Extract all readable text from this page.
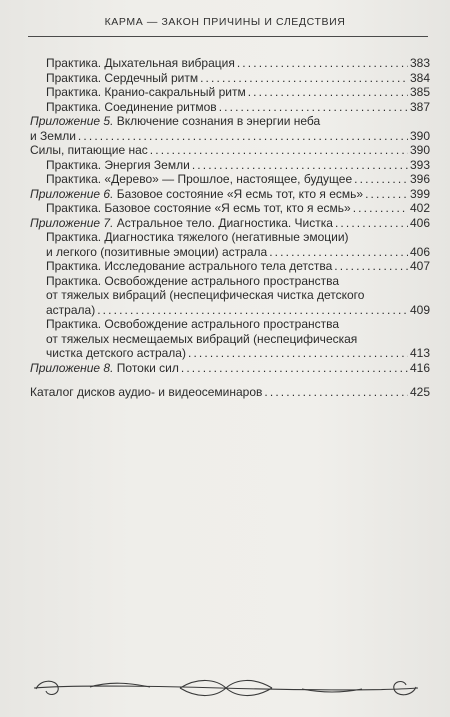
КАРМА — ЗАКОН ПРИЧИНЫ И СЛЕДСТВИЯ
Практика. Дыхательная вибрация . . .	383
Практика. Сердечный ритм . . .	384
Практика. Кранио-сакральный ритм . . .	385
Практика. Соединение ритмов . . .	387
Приложение 5. Включение сознания в энергии неба
и Земли . . .	390
Силы, питающие нас . . .	390
Практика. Энергия Земли . . .	393
Практика. «Дерево» — Прошлое, настоящее, будущее . . .	396
Приложение 6. Базовое состояние «Я есмь тот, кто я есмь» . . .	399
Практика. Базовое состояние «Я есмь тот, кто я есмь» . . .	402
Приложение 7. Астральное тело. Диагностика. Чистка . . .	406
Практика. Диагностика тяжелого (негативные эмоции)
и легкого (позитивные эмоции) астрала . . .	406
Практика. Исследование астрального тела детства . . .	407
Практика. Освобождение астрального пространства
от тяжелых вибраций (неспецифическая чистка детского
астрала) . . .	409
Практика. Освобождение астрального пространства
от тяжелых несмещаемых вибраций (неспецифическая
чистка детского астрала) . . .	413
Приложение 8. Потоки сил . . .	416
Каталог дисков аудио- и видеосеминаров . . .	425
